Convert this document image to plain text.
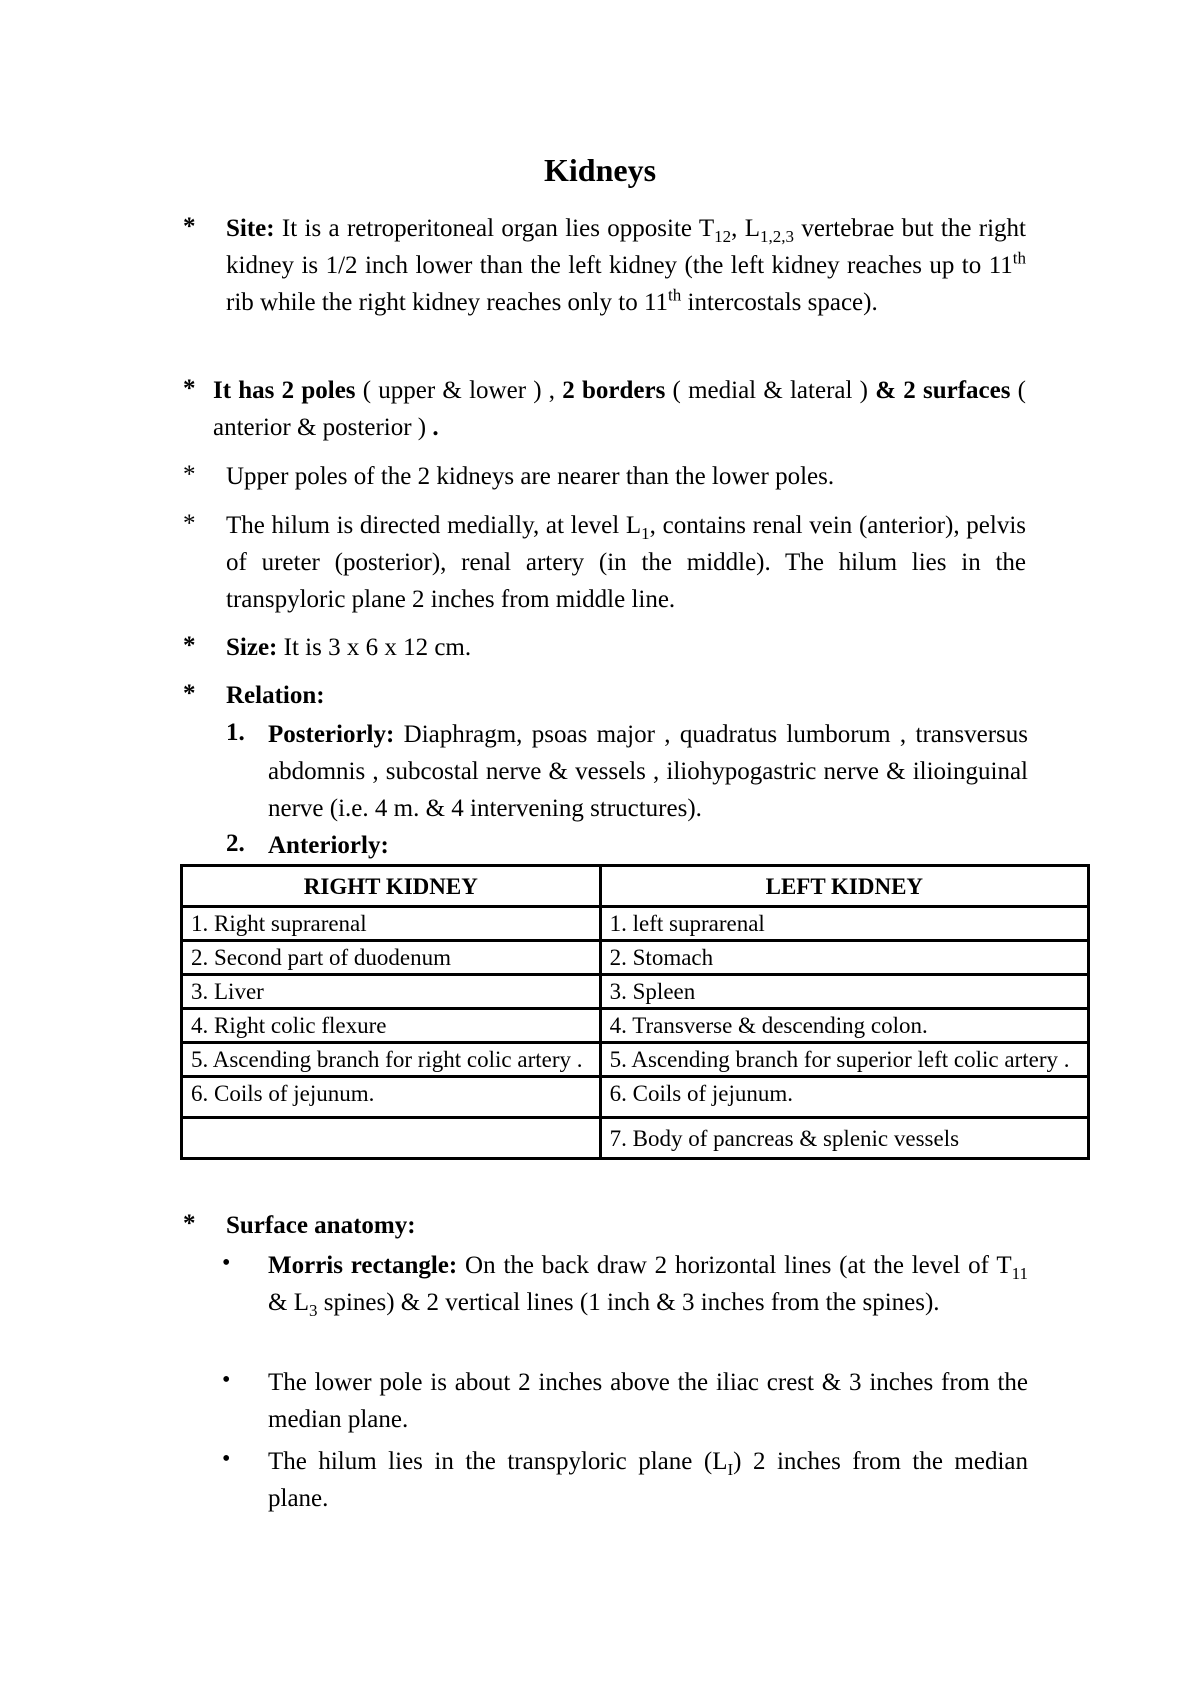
Kidneys
* Site: It is a retroperitoneal organ lies opposite $T_{12}$, $L_{1,2,3}$ vertebrae but the right kidney is 1/2 inch lower than the left kidney (the left kidney reaches up to 11th rib while the right kidney reaches only to 11th intercostals space).

* It has 2 poles ( upper & lower ) , 2 borders ( medial & lateral ) & 2 surfaces ( anterior & posterior ) .

* Upper poles of the 2 kidneys are nearer than the lower poles.

* The hilum is directed medially, at level $L_1$, contains renal vein (anterior), pelvis of ureter (posterior), renal artery (in the middle). The hilum lies in the transpyloric plane 2 inches from middle line.

* Size: It is 3 x 6 x 12 cm.

* Relation:

1. Posteriorly: Diaphragm, psoas major , quadratus lumborum , transversus abdomnis , subcostal nerve & vessels , iliohypogastric nerve & ilioinguinal nerve (i.e. 4 m. & 4 intervening structures).

2. Anteriorly:

RIGHT KIDNEY	LEFT KIDNEY
1. Right suprarenal	1. left suprarenal
2. Second part of duodenum	2. Stomach
3. Liver	3. Spleen
4. Right colic flexure	4. Transverse & descending colon.
5. Ascending branch for right colic artery .	5. Ascending branch for superior left colic artery .
6. Coils of jejunum.	6. Coils of jejunum.
	7. Body of pancreas & splenic vessels
* Surface anatomy:

• Morris rectangle: On the back draw 2 horizontal lines (at the level of $T_{11}$ & $L_3$ spines) & 2 vertical lines (1 inch & 3 inches from the spines).

• The lower pole is about 2 inches above the iliac crest & 3 inches from the median plane.

• The hilum lies in the transpyloric plane $(L_I)$ 2 inches from the median plane.
